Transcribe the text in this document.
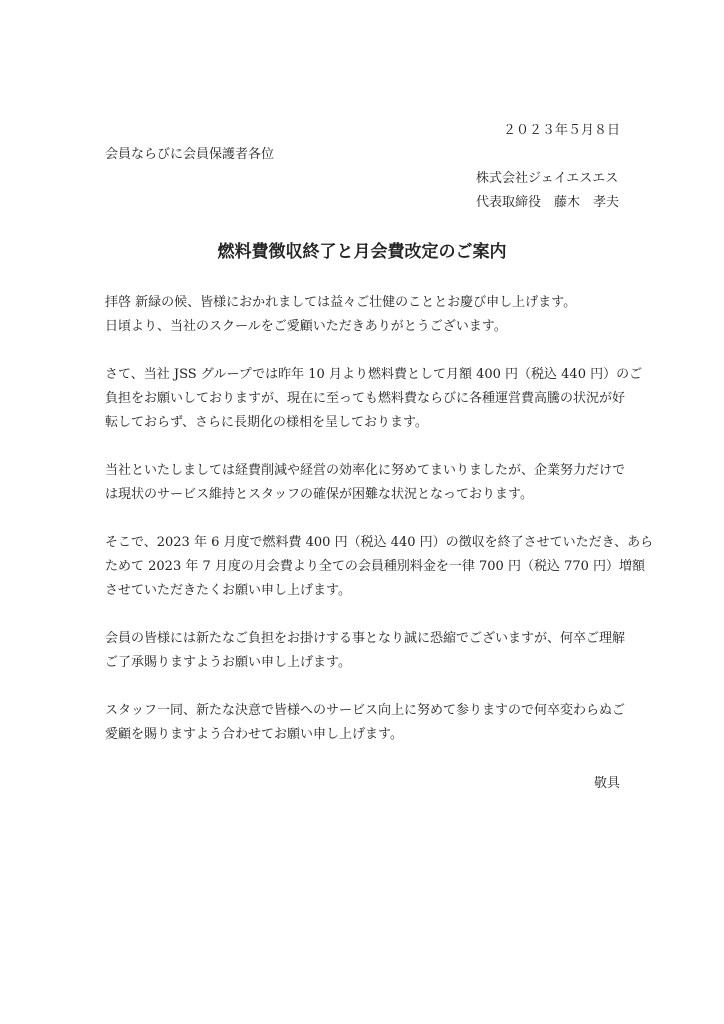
２０２３年５月８日
会員ならびに会員保護者各位
株式会社ジェイエスエス
代表取締役　藤木　孝夫
燃料費徴収終了と月会費改定のご案内
拝啓 新緑の候、皆様におかれましては益々ご壮健のこととお慶び申し上げます。
日頃より、当社のスクールをご愛顧いただきありがとうございます。
さて、当社 JSS グループでは昨年 10 月より燃料費として月額 400 円（税込 440 円）のご
負担をお願いしておりますが、現在に至っても燃料費ならびに各種運営費高騰の状況が好
転しておらず、さらに長期化の様相を呈しております。
当社といたしましては経費削減や経営の効率化に努めてまいりましたが、企業努力だけで
は現状のサービス維持とスタッフの確保が困難な状況となっております。
そこで、2023 年 6 月度で燃料費 400 円（税込 440 円）の徴収を終了させていただき、あら
ためて 2023 年 7 月度の月会費より全ての会員種別料金を一律 700 円（税込 770 円）増額
させていただきたくお願い申し上げます。
会員の皆様には新たなご負担をお掛けする事となり誠に恐縮でございますが、何卒ご理解
ご了承賜りますようお願い申し上げます。
スタッフ一同、新たな決意で皆様へのサービス向上に努めて参りますので何卒変わらぬご
愛顧を賜りますよう合わせてお願い申し上げます。
敬具
